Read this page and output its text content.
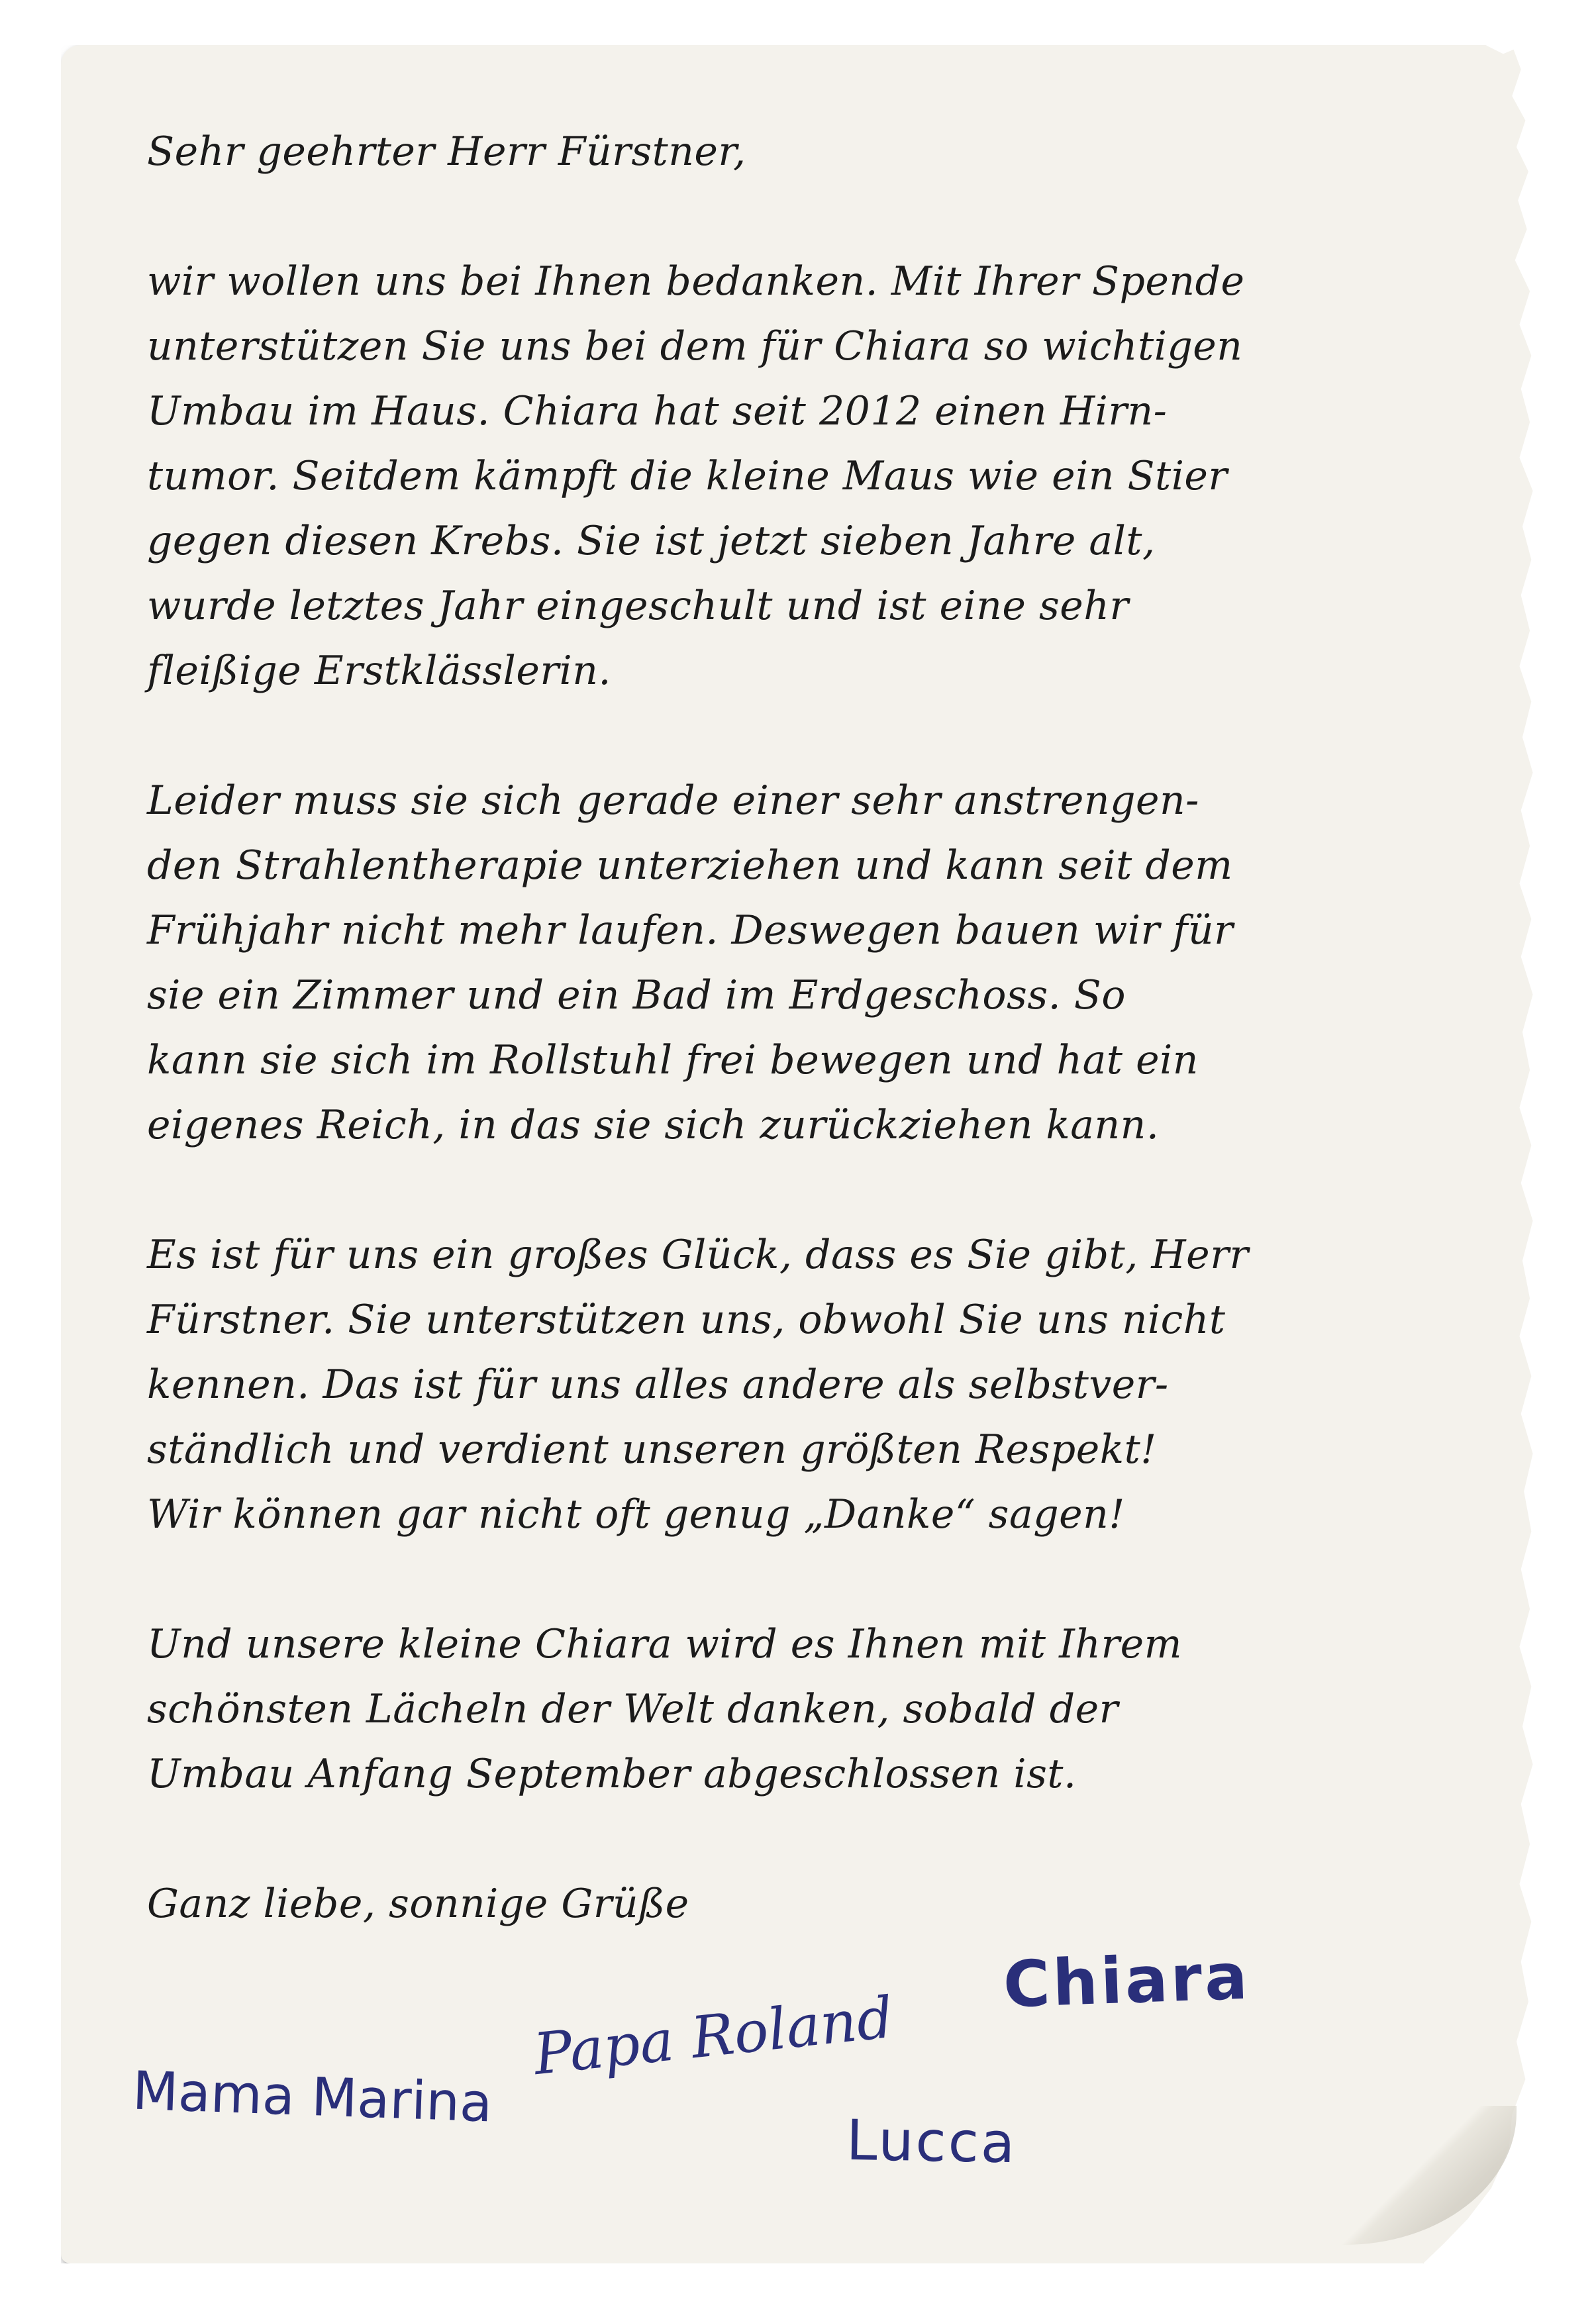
Sehr geehrter Herr Fürstner,

wir wollen uns bei Ihnen bedanken. Mit Ihrer Spende
unterstützen Sie uns bei dem für Chiara so wichtigen
Umbau im Haus. Chiara hat seit 2012 einen Hirn-
tumor. Seitdem kämpft die kleine Maus wie ein Stier
gegen diesen Krebs. Sie ist jetzt sieben Jahre alt,
wurde letztes Jahr eingeschult und ist eine sehr
fleißige Erstklässlerin.

Leider muss sie sich gerade einer sehr anstrengen-
den Strahlentherapie unterziehen und kann seit dem
Frühjahr nicht mehr laufen. Deswegen bauen wir für
sie ein Zimmer und ein Bad im Erdgeschoss. So
kann sie sich im Rollstuhl frei bewegen und hat ein
eigenes Reich, in das sie sich zurückziehen kann.

Es ist für uns ein großes Glück, dass es Sie gibt, Herr
Fürstner. Sie unterstützen uns, obwohl Sie uns nicht
kennen. Das ist für uns alles andere als selbstver-
ständlich und verdient unseren größten Respekt!
Wir können gar nicht oft genug „Danke“ sagen!

Und unsere kleine Chiara wird es Ihnen mit Ihrem
schönsten Lächeln der Welt danken, sobald der
Umbau Anfang September abgeschlossen ist.

Ganz liebe, sonnige Grüße

Chiara
Papa Roland
Mama Marina
Lucca
